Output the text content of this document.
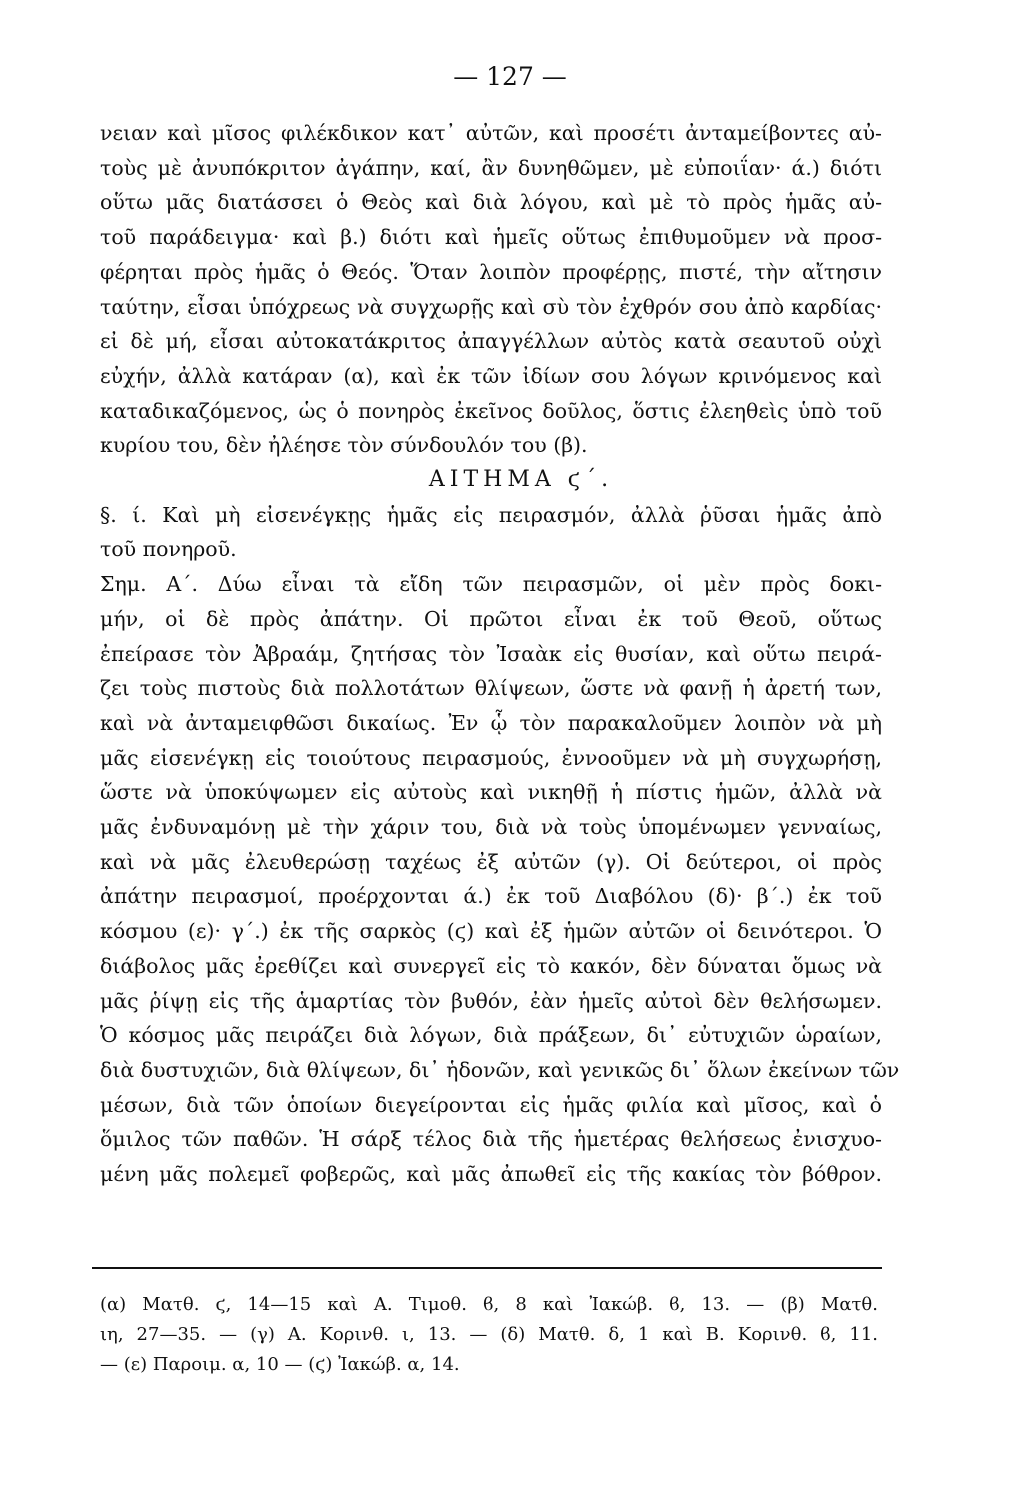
— 127 —
νειαν καὶ μῖσος φιλέκδικον κατ᾽ αὐτῶν, καὶ προσέτι ἀνταμείβοντες αὐ-
τοὺς μὲ ἀνυπόκριτον ἀγάπην, καί, ἂν δυνηθῶμεν, μὲ εὐποιΐαν· ά.) διότι
οὕτω μᾶς διατάσσει ὁ Θεὸς καὶ διὰ λόγου, καὶ μὲ τὸ πρὸς ἡμᾶς αὐ-
τοῦ παράδειγμα· καὶ β.) διότι καὶ ἡμεῖς οὕτως ἐπιθυμοῦμεν νὰ προσ-
φέρηται πρὸς ἡμᾶς ὁ Θεός. Ὅταν λοιπὸν προφέρῃς, πιστέ, τὴν αἴτησιν
ταύτην, εἶσαι ὑπόχρεως νὰ συγχωρῇς καὶ σὺ τὸν ἐχθρόν σου ἀπὸ καρδίας·
εἰ δὲ μή, εἶσαι αὐτοκατάκριτος ἀπαγγέλλων αὐτὸς κατὰ σεαυτοῦ οὐχὶ
εὐχήν, ἀλλὰ κατάραν (α), καὶ ἐκ τῶν ἰδίων σου λόγων κρινόμενος καὶ
καταδικαζόμενος, ὡς ὁ πονηρὸς ἐκεῖνος δοῦλος, ὅστις ἐλεηθεὶς ὑπὸ τοῦ
κυρίου του, δὲν ἠλέησε τὸν σύνδουλόν του (β).
ΑΙΤΗΜΑ ϛ΄.
§. ί. Καὶ μὴ εἰσενέγκῃς ἡμᾶς εἰς πειρασμόν, ἀλλὰ ῥῦσαι ἡμᾶς ἀπὸ
τοῦ πονηροῦ.
Σημ. Α΄. Δύω εἶναι τὰ εἴδη τῶν πειρασμῶν, οἱ μὲν πρὸς δοκι-
μήν, οἱ δὲ πρὸς ἀπάτην. Οἱ πρῶτοι εἶναι ἐκ τοῦ Θεοῦ, οὕτως
ἐπείρασε τὸν Ἀβραάμ, ζητήσας τὸν Ἰσαὰκ εἰς θυσίαν, καὶ οὕτω πειρά-
ζει τοὺς πιστοὺς διὰ πολλοτάτων θλίψεων, ὥστε νὰ φανῇ ἡ ἀρετή των,
καὶ νὰ ἀνταμειφθῶσι δικαίως. Ἐν ᾧ τὸν παρακαλοῦμεν λοιπὸν νὰ μὴ
μᾶς εἰσενέγκῃ εἰς τοιούτους πειρασμούς, ἐννοοῦμεν νὰ μὴ συγχωρήσῃ,
ὥστε νὰ ὑποκύψωμεν εἰς αὐτοὺς καὶ νικηθῇ ἡ πίστις ἡμῶν, ἀλλὰ νὰ
μᾶς ἐνδυναμόνῃ μὲ τὴν χάριν του, διὰ νὰ τοὺς ὑπομένωμεν γενναίως,
καὶ νὰ μᾶς ἐλευθερώσῃ ταχέως ἐξ αὐτῶν (γ). Οἱ δεύτεροι, οἱ πρὸς
ἀπάτην πειρασμοί, προέρχονται ά.) ἐκ τοῦ Διαβόλου (δ)· β΄.) ἐκ τοῦ
κόσμου (ε)· γ΄.) ἐκ τῆς σαρκὸς (ϛ) καὶ ἐξ ἡμῶν αὐτῶν οἱ δεινότεροι. Ὁ
διάβολος μᾶς ἐρεθίζει καὶ συνεργεῖ εἰς τὸ κακόν, δὲν δύναται ὅμως νὰ
μᾶς ῥίψῃ εἰς τῆς ἁμαρτίας τὸν βυθόν, ἐὰν ἡμεῖς αὐτοὶ δὲν θελήσωμεν.
Ὁ κόσμος μᾶς πειράζει διὰ λόγων, διὰ πράξεων, δι᾽ εὐτυχιῶν ὡραίων,
διὰ δυστυχιῶν, διὰ θλίψεων, δι᾽ ἡδονῶν, καὶ γενικῶς δι᾽ ὅλων ἐκείνων τῶν
μέσων, διὰ τῶν ὁποίων διεγείρονται εἰς ἡμᾶς φιλία καὶ μῖσος, καὶ ὁ
ὅμιλος τῶν παθῶν. Ἡ σάρξ τέλος διὰ τῆς ἡμετέρας θελήσεως ἐνισχυο-
μένη μᾶς πολεμεῖ φοβερῶς, καὶ μᾶς ἀπωθεῖ εἰς τῆς κακίας τὸν βόθρον.
(α) Ματθ. ϛ, 14—15 καὶ Α. Τιμοθ. ϐ, 8 καὶ Ἰακώβ. ϐ, 13. — (β) Ματθ.
ιη, 27—35. — (γ) Α. Κορινθ. ι, 13. — (δ) Ματθ. δ, 1 καὶ Β. Κορινθ. ϐ, 11.
— (ε) Παροιμ. α, 10 — (ϛ) Ἰακώβ. α, 14.
